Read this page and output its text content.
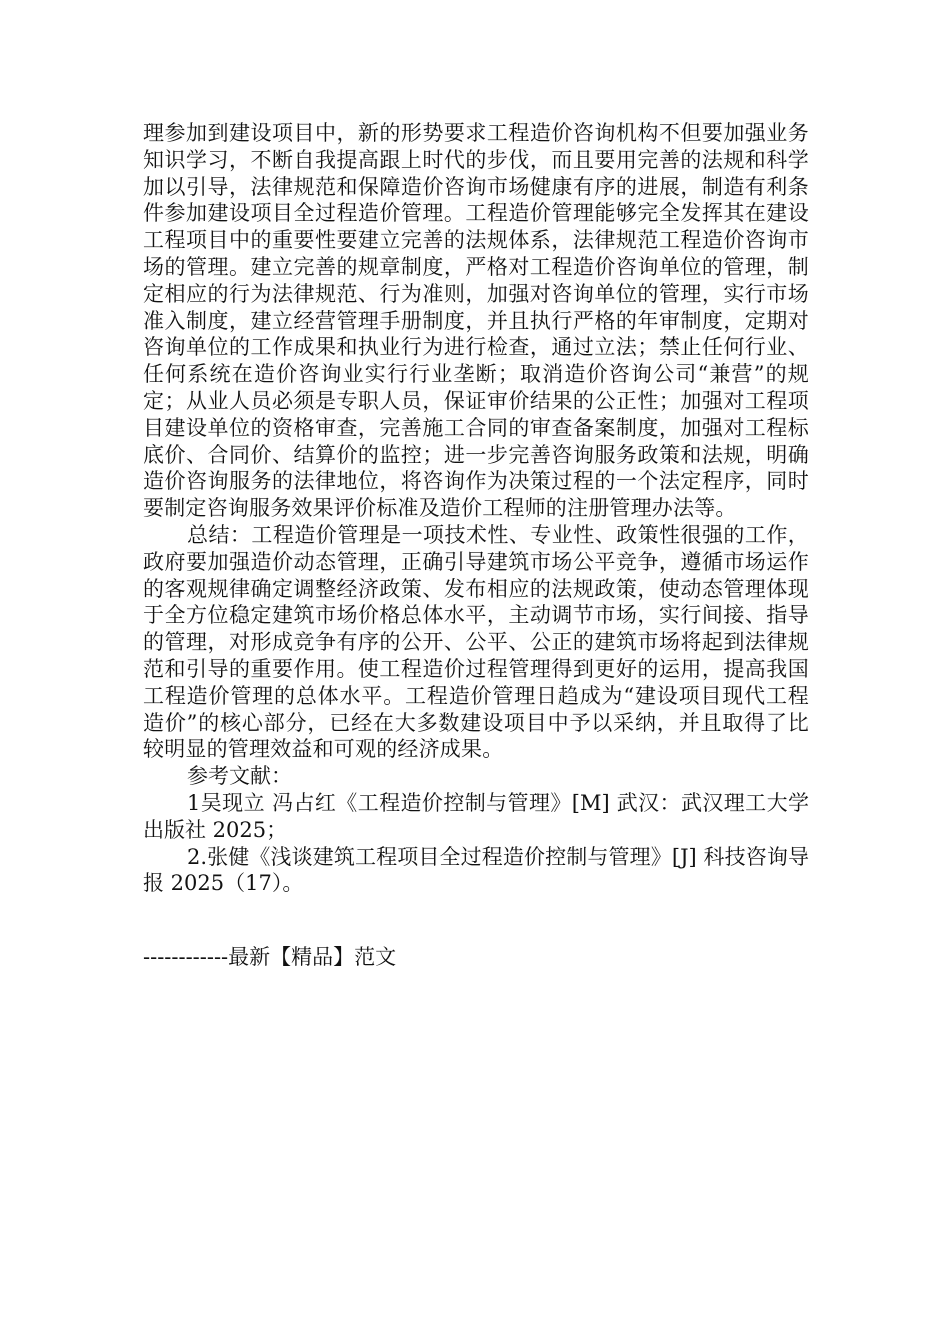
理参加到建设项目中，新的形势要求工程造价咨询机构不但要加强业务知识学习，不断自我提高跟上时代的步伐，而且要用完善的法规和科学加以引导，法律规范和保障造价咨询市场健康有序的进展，制造有利条件参加建设项目全过程造价管理。工程造价管理能够完全发挥其在建设工程项目中的重要性要建立完善的法规体系，法律规范工程造价咨询市场的管理。建立完善的规章制度，严格对工程造价咨询单位的管理，制定相应的行为法律规范、行为准则，加强对咨询单位的管理，实行市场准入制度，建立经营管理手册制度，并且执行严格的年审制度，定期对咨询单位的工作成果和执业行为进行检查，通过立法；禁止任何行业、任何系统在造价咨询业实行行业垄断；取消造价咨询公司“兼营”的规定；从业人员必须是专职人员，保证审价结果的公正性；加强对工程项目建设单位的资格审查，完善施工合同的审查备案制度，加强对工程标底价、合同价、结算价的监控；进一步完善咨询服务政策和法规，明确造价咨询服务的法律地位，将咨询作为决策过程的一个法定程序，同时要制定咨询服务效果评价标准及造价工程师的注册管理办法等。

总结：工程造价管理是一项技术性、专业性、政策性很强的工作，政府要加强造价动态管理，正确引导建筑市场公平竞争，遵循市场运作的客观规律确定调整经济政策、发布相应的法规政策，使动态管理体现于全方位稳定建筑市场价格总体水平，主动调节市场，实行间接、指导的管理，对形成竞争有序的公开、公平、公正的建筑市场将起到法律规范和引导的重要作用。使工程造价过程管理得到更好的运用，提高我国工程造价管理的总体水平。工程造价管理日趋成为“建设项目现代工程造价”的核心部分，已经在大多数建设项目中予以采纳，并且取得了比较明显的管理效益和可观的经济成果。

参考文献：

1吴现立 冯占红《工程造价控制与管理》[M] 武汉：武汉理工大学出版社 2025；

2.张健《浅谈建筑工程项目全过程造价控制与管理》[J] 科技咨询导报 2025（17）。

------------最新【精品】范文
